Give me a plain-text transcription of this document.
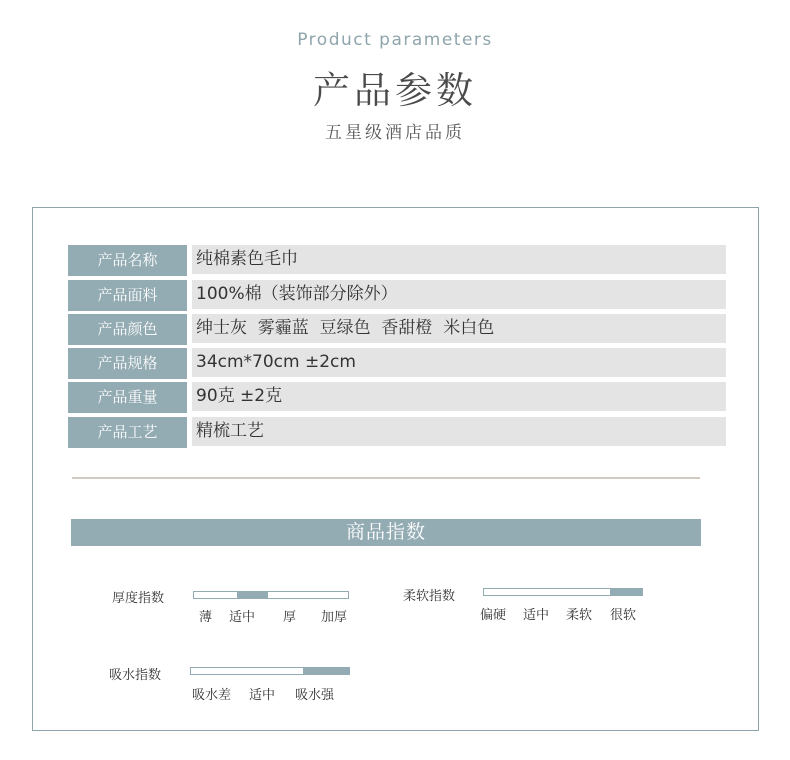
Product parameters
产品参数
五星级酒店品质
产品名称	纯棉素色毛巾
产品面料	100%棉（装饰部分除外）
产品颜色	绅士灰  雾霾蓝  豆绿色  香甜橙  米白色
产品规格	34cm*70cm ±2cm
产品重量	90克 ±2克
产品工艺	精梳工艺
商品指数
厚度指数
薄 适中 厚 加厚
柔软指数
偏硬 适中 柔软 很软
吸水指数
吸水差 适中 吸水强
